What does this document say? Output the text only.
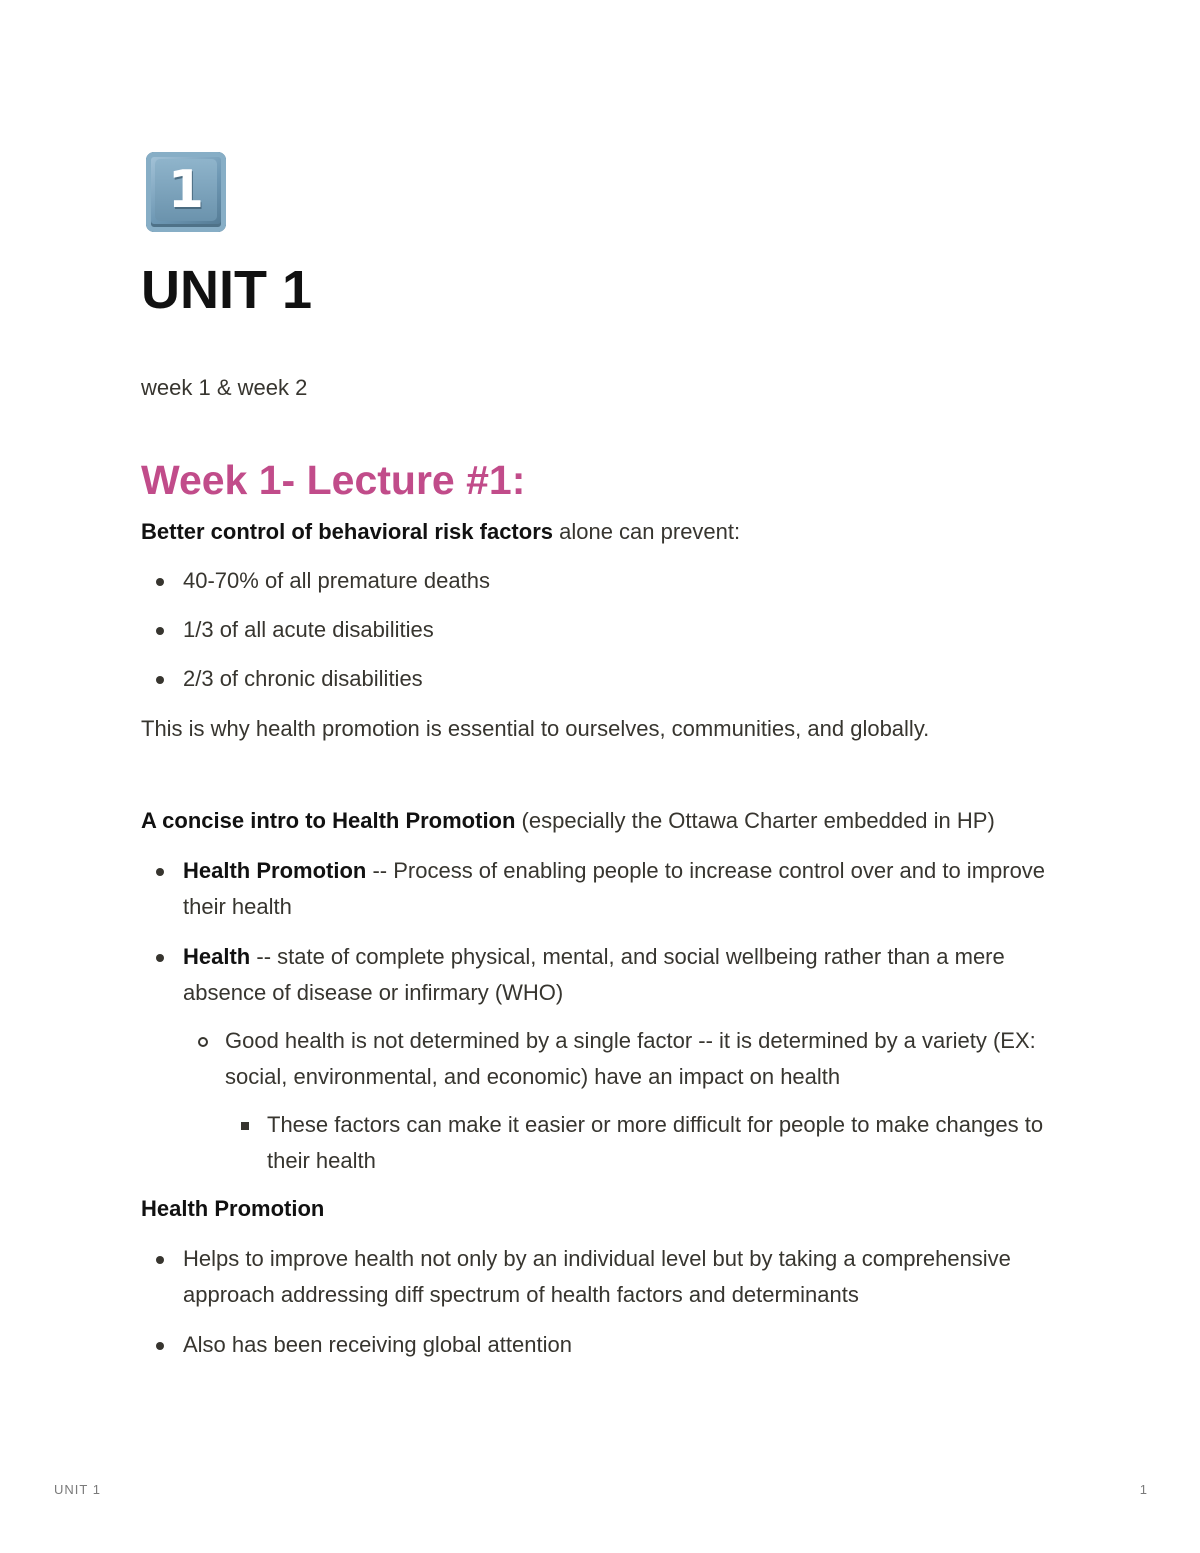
1
UNIT 1
week 1 & week 2
Week 1- Lecture #1:

Better control of behavioral risk factors alone can prevent:

40-70% of all premature deaths
1/3 of all acute disabilities
2/3 of chronic disabilities

This is why health promotion is essential to ourselves, communities, and globally.

A concise intro to Health Promotion (especially the Ottawa Charter embedded in HP)

Health Promotion -- Process of enabling people to increase control over and to improve their health
Health -- state of complete physical, mental, and social wellbeing rather than a mere absence of disease or infirmary (WHO)
Good health is not determined by a single factor -- it is determined by a variety (EX: social, environmental, and economic) have an impact on health
These factors can make it easier or more difficult for people to make changes to their health

Health Promotion

Helps to improve health not only by an individual level but by taking a comprehensive approach addressing diff spectrum of health factors and determinants
Also has been receiving global attention
UNIT 1	1
